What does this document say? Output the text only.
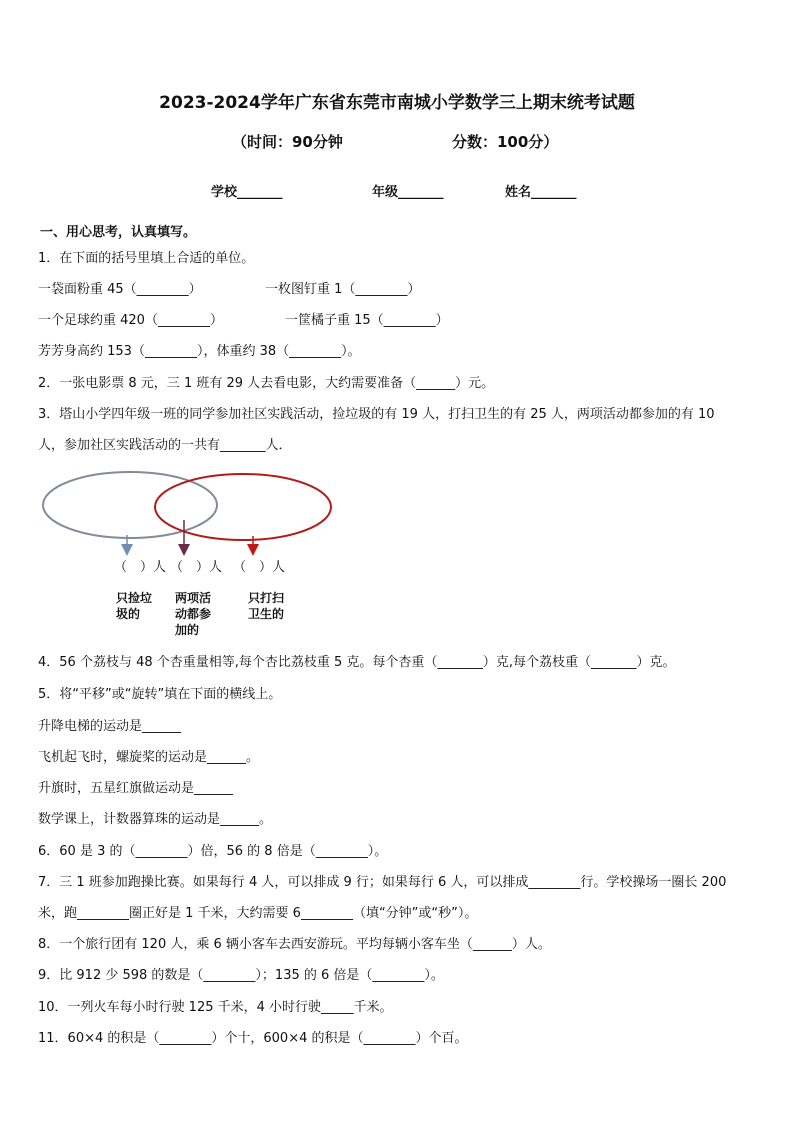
2023-2024学年广东省东莞市南城小学数学三上期末统考试题
（时间：90分钟	分数：100分）
学校_______	年级_______	姓名_______
一、用心思考，认真填写。
1．在下面的括号里填上合适的单位。
一袋面粉重 45（________）	一枚图钉重 1（________）
一个足球约重 420（________）	一筐橘子重 15（________）
芳芳身高约 153（________），体重约 38（________）。
2．一张电影票 8 元，三 1 班有 29 人去看电影，大约需要准备（______）元。
3．塔山小学四年级一班的同学参加社区实践活动，捡垃圾的有 19 人，打扫卫生的有 25 人，两项活动都参加的有 10
人，参加社区实践活动的一共有_______人．
（　）人 （　）人 （　）人
只捡垃
圾的
两项活
动都参
加的
只打扫
卫生的
4．56 个荔枝与 48 个杏重量相等,每个杏比荔枝重 5 克。每个杏重（_______）克,每个荔枝重（_______）克。
5．将“平移”或“旋转”填在下面的横线上。
升降电梯的运动是______
飞机起飞时，螺旋桨的运动是______。
升旗时，五星红旗做运动是______
数学课上，计数器算珠的运动是______。
6．60 是 3 的（________）倍，56 的 8 倍是（________）。
7．三 1 班参加跑操比赛。如果每行 4 人，可以排成 9 行；如果每行 6 人，可以排成________行。学校操场一圈长 200
米，跑________圈正好是 1 千米，大约需要 6________（填“分钟”或“秒”）。
8．一个旅行团有 120 人，乘 6 辆小客车去西安游玩。平均每辆小客车坐（______）人。
9．比 912 少 598 的数是（________）；135 的 6 倍是（________）。
10．一列火车每小时行驶 125 千米，4 小时行驶_____千米。
11．60×4 的积是（________）个十，600×4 的积是（________）个百。
